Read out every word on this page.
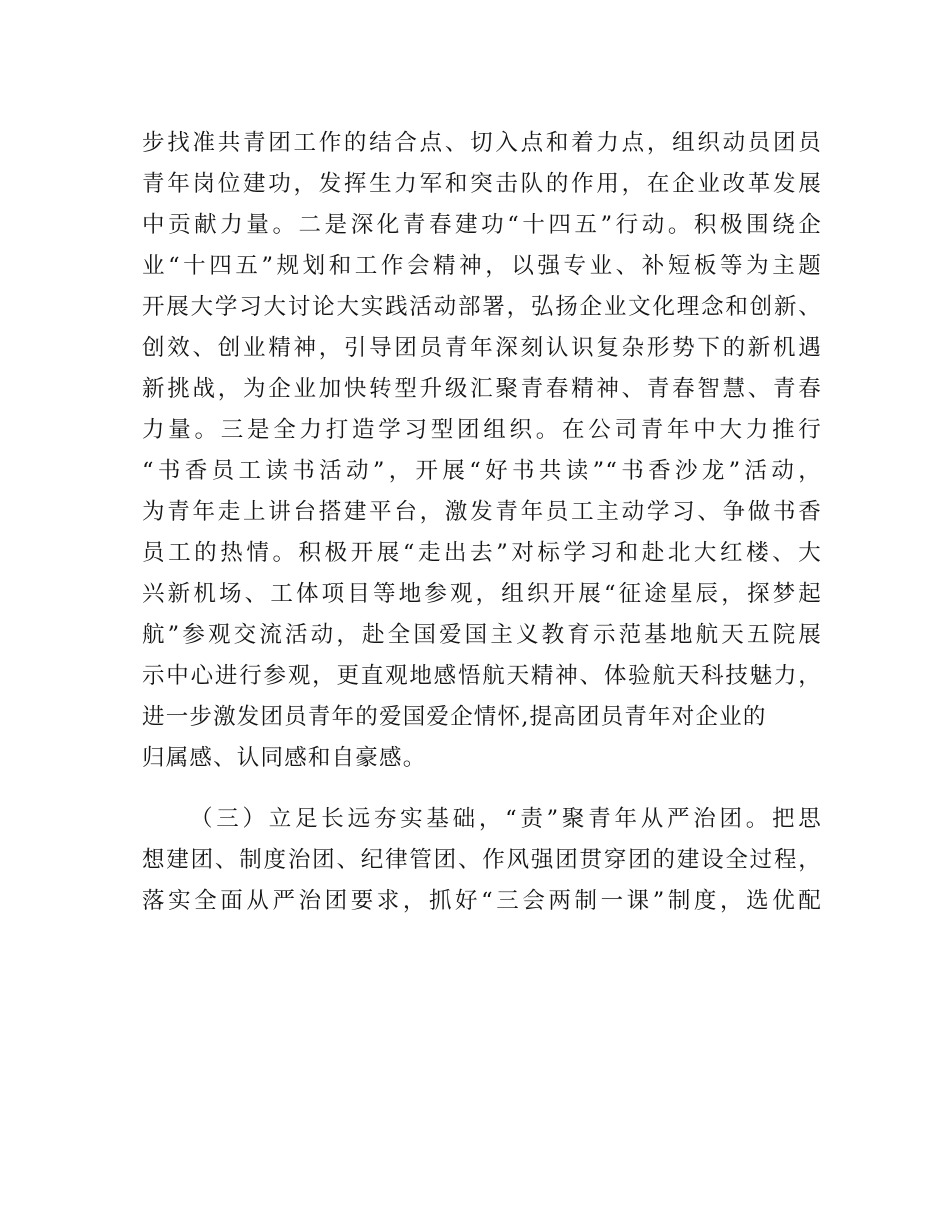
步找准共青团工作的结合点、切入点和着力点，组织动员团员
青年岗位建功，发挥生力军和突击队的作用，在企业改革发展
中贡献力量。二是深化青春建功“十四五”行动。积极围绕企
业“十四五”规划和工作会精神，以强专业、补短板等为主题
开展大学习大讨论大实践活动部署，弘扬企业文化理念和创新、
创效、创业精神，引导团员青年深刻认识复杂形势下的新机遇
新挑战，为企业加快转型升级汇聚青春精神、青春智慧、青春
力量。三是全力打造学习型团组织。在公司青年中大力推行
“书香员工读书活动”，开展“好书共读”“书香沙龙”活动，
为青年走上讲台搭建平台，激发青年员工主动学习、争做书香
员工的热情。积极开展“走出去”对标学习和赴北大红楼、大
兴新机场、工体项目等地参观，组织开展“征途星辰，探梦起
航”参观交流活动，赴全国爱国主义教育示范基地航天五院展
示中心进行参观，更直观地感悟航天精神、体验航天科技魅力，
进一步激发团员青年的爱国爱企情怀,提高团员青年对企业的
归属感、认同感和自豪感。
（三）立足长远夯实基础，“责”聚青年从严治团。把思
想建团、制度治团、纪律管团、作风强团贯穿团的建设全过程，
落实全面从严治团要求，抓好“三会两制一课”制度，选优配
